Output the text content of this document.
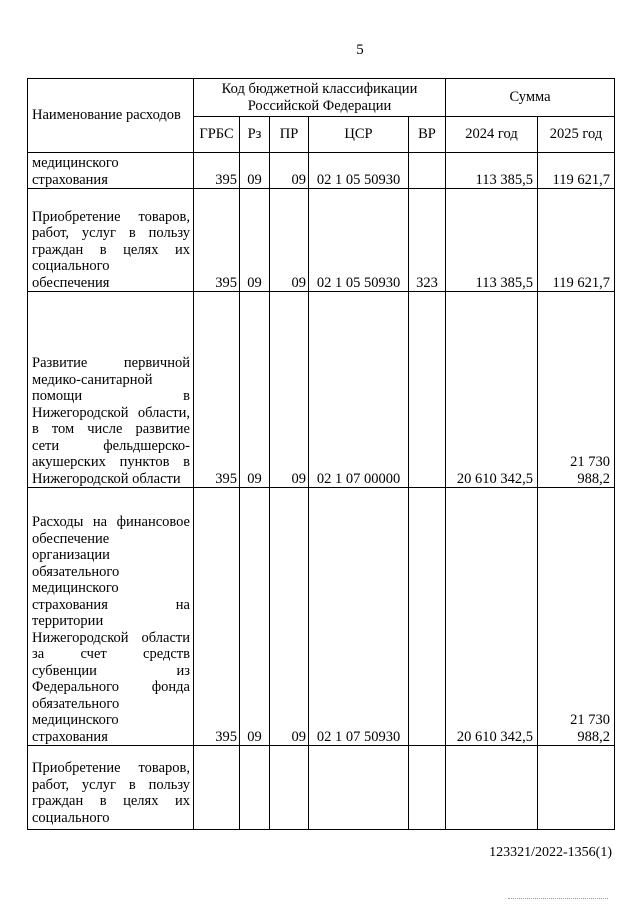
5
Наименование расходов	Код бюджетной классификации Российской Федерации					Сумма	
	ГРБС	Рз	ПР	ЦСР	ВР	2024 год	2025 год
медицинского страхования	395	09	09	02 1 05 50930		113 385,5	119 621,7
Приобретение товаров, работ, услуг в пользу граждан в целях их социального обеспечения	395	09	09	02 1 05 50930	323	113 385,5	119 621,7
Развитие первичной медико-санитарной помощи в Нижегородской области, в том числе развитие сети фельдшерско-акушерских пунктов в Нижегородской области	395	09	09	02 1 07 00000		20 610 342,5	21 730 988,2
Расходы на финансовое обеспечение организации обязательного медицинского страхования на территории Нижегородской области за счет средств субвенции из Федерального фонда обязательного медицинского страхования	395	09	09	02 1 07 50930		20 610 342,5	21 730 988,2
Приобретение товаров, работ, услуг в пользу граждан в целях их социального							
123321/2022-1356(1)
